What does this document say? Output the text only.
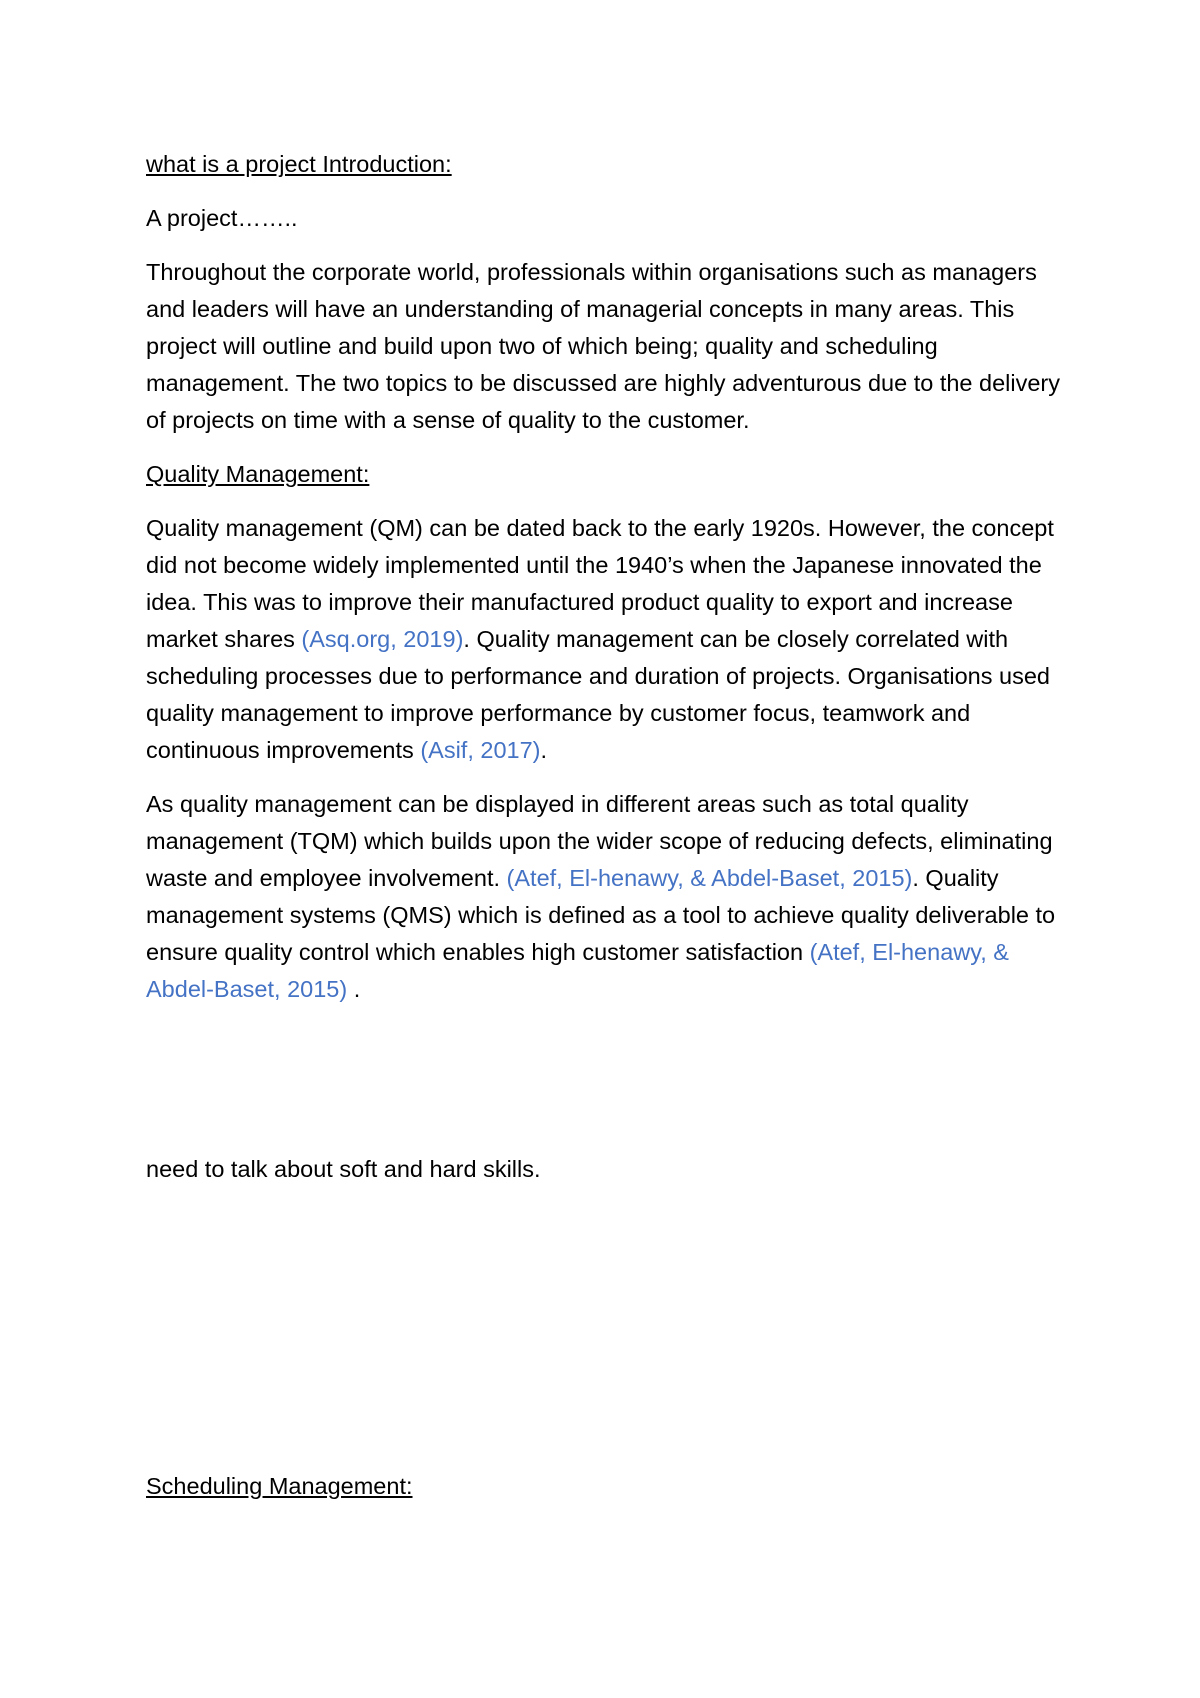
what is a project Introduction:
A project……..
Throughout the corporate world, professionals within organisations such as managers and leaders will have an understanding of managerial concepts in many areas. This project will outline and build upon two of which being; quality and scheduling management. The two topics to be discussed are highly adventurous due to the delivery of projects on time with a sense of quality to the customer.
Quality Management:
Quality management (QM) can be dated back to the early 1920s. However, the concept did not become widely implemented until the 1940’s when the Japanese innovated the idea. This was to improve their manufactured product quality to export and increase market shares (Asq.org, 2019). Quality management can be closely correlated with scheduling processes due to performance and duration of projects. Organisations used quality management to improve performance by customer focus, teamwork and continuous improvements (Asif, 2017).
As quality management can be displayed in different areas such as total quality management (TQM) which builds upon the wider scope of reducing defects, eliminating waste and employee involvement. (Atef, El-henawy, & Abdel-Baset, 2015). Quality management systems (QMS) which is defined as a tool to achieve quality deliverable to ensure quality control which enables high customer satisfaction (Atef, El-henawy, & Abdel-Baset, 2015) .
need to talk about soft and hard skills.
Scheduling Management:
